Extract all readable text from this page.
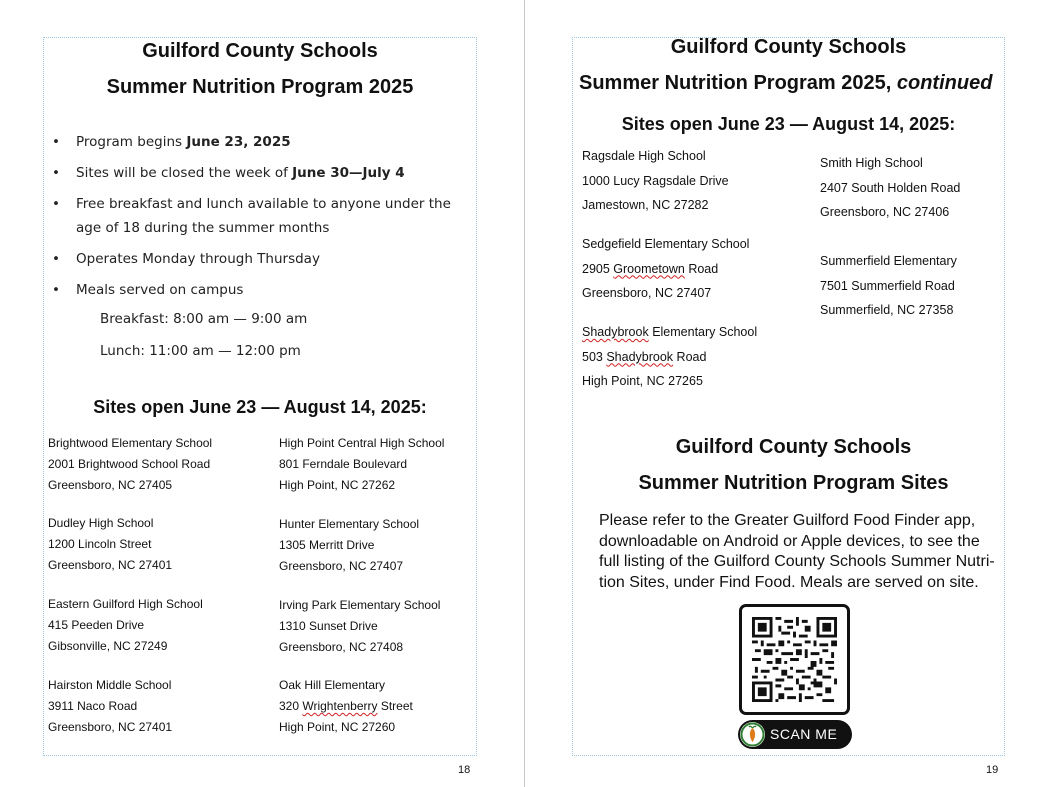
Guilford County Schools
Summer Nutrition Program 2025
• Program begins June 23, 2025
• Sites will be closed the week of June 30—July 4
• Free breakfast and lunch available to anyone under the age of 18 during the summer months
• Operates Monday through Thursday
• Meals served on campus
Breakfast: 8:00 am — 9:00 am
Lunch: 11:00 am — 12:00 pm
Sites open June 23 — August 14, 2025:
Brightwood Elementary School
2001 Brightwood School Road
Greensboro, NC 27405
Dudley High School
1200 Lincoln Street
Greensboro, NC 27401
Eastern Guilford High School
415 Peeden Drive
Gibsonville, NC 27249
Hairston Middle School
3911 Naco Road
Greensboro, NC 27401
High Point Central High School
801 Ferndale Boulevard
High Point, NC 27262
Hunter Elementary School
1305 Merritt Drive
Greensboro, NC 27407
Irving Park Elementary School
1310 Sunset Drive
Greensboro, NC 27408
Oak Hill Elementary
320 Wrightenberry Street
High Point, NC 27260
18
Guilford County Schools
Summer Nutrition Program 2025, continued
Sites open June 23 — August 14, 2025:
Ragsdale High School
1000 Lucy Ragsdale Drive
Jamestown, NC 27282
Sedgefield Elementary School
2905 Groometown Road
Greensboro, NC 27407
Shadybrook Elementary School
503 Shadybrook Road
High Point, NC 27265
Smith High School
2407 South Holden Road
Greensboro, NC 27406
Summerfield Elementary
7501 Summerfield Road
Summerfield, NC 27358
Guilford County Schools
Summer Nutrition Program Sites
Please refer to the Greater Guilford Food Finder app, downloadable on Android or Apple devices, to see the full listing of the Guilford County Schools Summer Nutri-tion Sites, under Find Food. Meals are served on site.
SCAN ME
19
